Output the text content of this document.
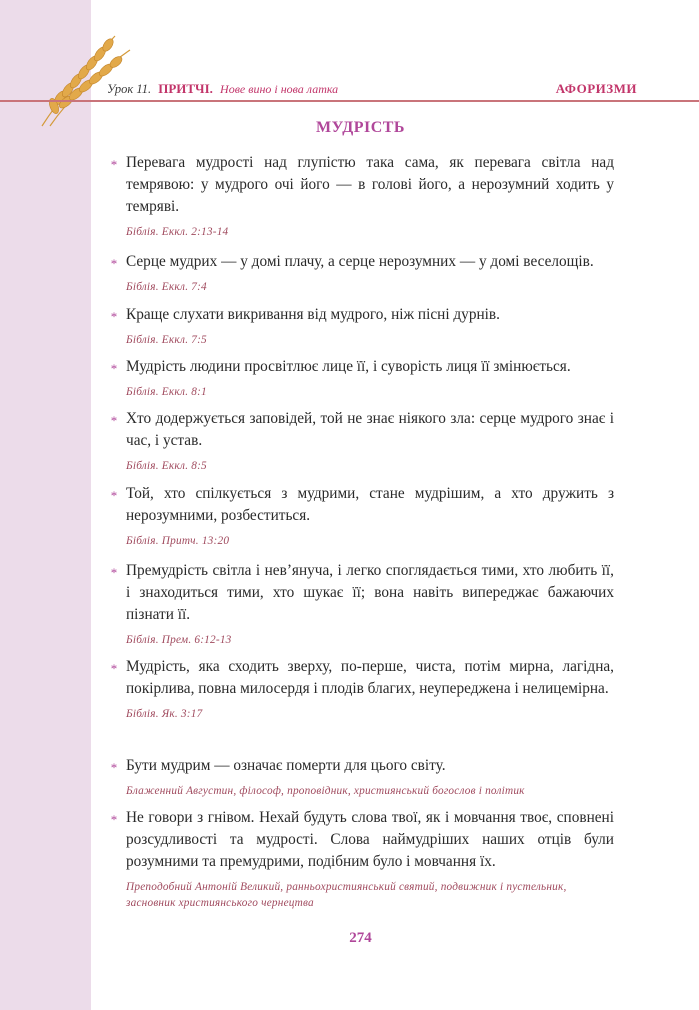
Урок 11. ПРИТЧІ. Нове вино і нова латка	АФОРИЗМИ
МУДРІСТЬ
* Перевага мудрості над глупістю така сама, як перевага світла над темрявою: у мудрого очі його — в голові його, а нерозумний ходить у темряві.
Біблія. Еккл. 2:13-14
* Серце мудрих — у домі плачу, а серце нерозумних — у домі веселощів.
Біблія. Еккл. 7:4
* Краще слухати викривання від мудрого, ніж пісні дурнів.
Біблія. Еккл. 7:5
* Мудрість людини просвітлює лице її, і суворість лиця її змінюється.
Біблія. Еккл. 8:1
* Хто додержується заповідей, той не знає ніякого зла: серце мудрого знає і час, і устав.
Біблія. Еккл. 8:5
* Той, хто спілкується з мудрими, стане мудрішим, а хто дружить з нерозумними, розбеститься.
Біблія. Притч. 13:20
* Премудрість світла і нев’януча, і легко споглядається тими, хто любить її, і знаходиться тими, хто шукає її; вона навіть випереджає бажаючих пізнати її.
Біблія. Прем. 6:12-13
* Мудрість, яка сходить зверху, по-перше, чиста, потім мирна, лагідна, покірлива, повна милосердя і плодів благих, неупереджена і нелицемірна.
Біблія. Як. 3:17
* Бути мудрим — означає померти для цього світу.
Блаженний Августин, філософ, проповідник, християнський богослов і політик
* Не говори з гнівом. Нехай будуть слова твої, як і мовчання твоє, сповнені розсудливості та мудрості. Слова наймудріших наших отців були розумними та премудрими, подібним було і мовчання їх.
Преподобний Антоній Великий, ранньохристиянський святий, подвижник і пустельник, засновник християнського чернецтва
274
